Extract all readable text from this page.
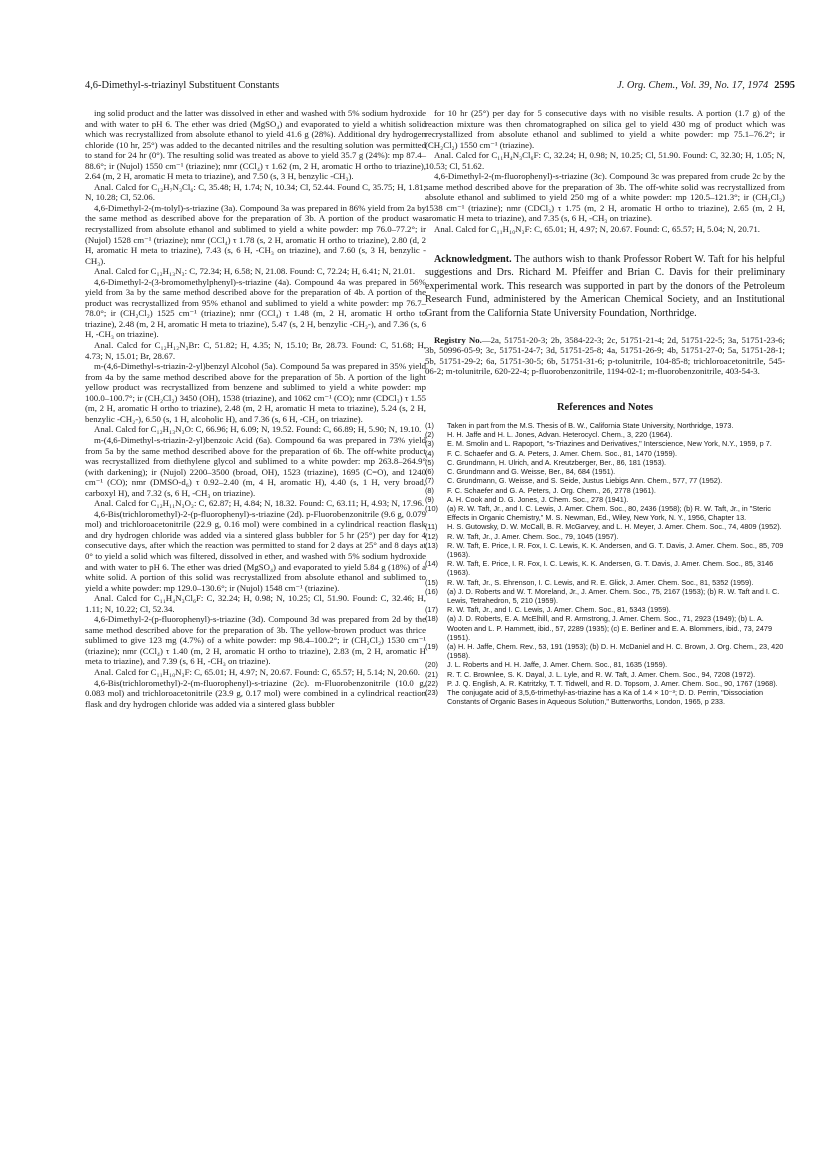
4,6-Dimethyl-s-triazinyl Substituent Constants	J. Org. Chem., Vol. 39, No. 17, 1974 2595

ing solid product and the latter was dissolved in ether and washed with 5% sodium hydroxide and with water to pH 6. The ether was dried (MgSO₄) and evaporated to yield a whitish solid which was recrystallized from absolute ethanol to yield 41.6 g (28%). Additional dry hydrogen chloride (10 hr, 25°) was added to the decanted nitriles and the resulting solution was permitted to stand for 24 hr (0°). The resulting solid was treated as above to yield 35.7 g (24%): mp 87.4–88.6°; ir (Nujol) 1550 cm⁻¹ (triazine); nmr (CCl₄) τ 1.62 (m, 2 H, aromatic H ortho to triazine), 2.64 (m, 2 H, aromatic H meta to triazine), and 7.50 (s, 3 H, benzylic -CH₃).

Anal. Calcd for C₁₂H₇N₃Cl₆: C, 35.48; H, 1.74; N, 10.34; Cl, 52.44. Found C, 35.75; H, 1.81; N, 10.28; Cl, 52.06.

4,6-Dimethyl-2-(m-tolyl)-s-triazine (3a). Compound 3a was prepared in 86% yield from 2a by the same method as described above for the preparation of 3b. A portion of the product was recrystallized from absolute ethanol and sublimed to yield a white powder: mp 76.0–77.2°; ir (Nujol) 1528 cm⁻¹ (triazine); nmr (CCl₄) τ 1.78 (s, 2 H, aromatic H ortho to triazine), 2.80 (d, 2 H, aromatic H meta to triazine), 7.43 (s, 6 H, -CH₃ on triazine), and 7.60 (s, 3 H, benzylic -CH₃).

Anal. Calcd for C₁₂H₁₃N₃: C, 72.34; H, 6.58; N, 21.08. Found: C, 72.24; H, 6.41; N, 21.01.

4,6-Dimethyl-2-(3-bromomethylphenyl)-s-triazine (4a). Compound 4a was prepared in 56% yield from 3a by the same method described above for the preparation of 4b. A portion of the product was recrystallized from 95% ethanol and sublimed to yield a white powder: mp 76.7–78.0°; ir (CH₂Cl₂) 1525 cm⁻¹ (triazine); nmr (CCl₄) τ 1.48 (m, 2 H, aromatic H ortho to triazine), 2.48 (m, 2 H, aromatic H meta to triazine), 5.47 (s, 2 H, benzylic -CH₂-), and 7.36 (s, 6 H, -CH₃ on triazine).

Anal. Calcd for C₁₂H₁₂N₃Br: C, 51.82; H, 4.35; N, 15.10; Br, 28.73. Found: C, 51.68; H, 4.73; N, 15.01; Br, 28.67.

m-(4,6-Dimethyl-s-triazin-2-yl)benzyl Alcohol (5a). Compound 5a was prepared in 35% yield from 4a by the same method described above for the preparation of 5b. A portion of the light yellow product was recrystallized from benzene and sublimed to yield a white powder: mp 100.0–100.7°; ir (CH₂Cl₂) 3450 (OH), 1538 (triazine), and 1062 cm⁻¹ (CO); nmr (CDCl₃) τ 1.55 (m, 2 H, aromatic H ortho to triazine), 2.48 (m, 2 H, aromatic H meta to triazine), 5.24 (s, 2 H, benzylic -CH₂-), 6.50 (s, 1 H, alcoholic H), and 7.36 (s, 6 H, -CH₃ on triazine).

Anal. Calcd for C₁₂H₁₃N₃O: C, 66.96; H, 6.09; N, 19.52. Found: C, 66.89; H, 5.90; N, 19.10.

m-(4,6-Dimethyl-s-triazin-2-yl)benzoic Acid (6a). Compound 6a was prepared in 73% yield from 5a by the same method described above for the preparation of 6b. The off-white product was recrystallized from diethylene glycol and sublimed to a white powder: mp 263.8–264.9° (with darkening); ir (Nujol) 2200–3500 (broad, OH), 1523 (triazine), 1695 (C=O), and 1240 cm⁻¹ (CO); nmr (DMSO-d₆) τ 0.92–2.40 (m, 4 H, aromatic H), 4.40 (s, 1 H, very broad, carboxyl H), and 7.32 (s, 6 H, -CH₃ on triazine).

Anal. Calcd for C₁₂H₁₁N₃O₂: C, 62.87; H, 4.84; N, 18.32. Found: C, 63.11; H, 4.93; N, 17.96.

4,6-Bis(trichloromethyl)-2-(p-fluorophenyl)-s-triazine (2d). p-Fluorobenzonitrile (9.6 g, 0.079 mol) and trichloroacetonitrile (22.9 g, 0.16 mol) were combined in a cylindrical reaction flask and dry hydrogen chloride was added via a sintered glass bubbler for 5 hr (25°) per day for 4 consecutive days, after which the reaction was permitted to stand for 2 days at 25° and 8 days at 0° to yield a solid which was filtered, dissolved in ether, and washed with 5% sodium hydroxide and with water to pH 6. The ether was dried (MgSO₄) and evaporated to yield 5.84 g (18%) of a white solid. A portion of this solid was recrystallized from absolute ethanol and sublimed to yield a white powder: mp 129.0–130.6°; ir (Nujol) 1548 cm⁻¹ (triazine).

Anal. Calcd for C₁₁H₄N₃Cl₆F: C, 32.24; H, 0.98; N, 10.25; Cl, 51.90. Found: C, 32.46; H, 1.11; N, 10.22; Cl, 52.34.

4,6-Dimethyl-2-(p-fluorophenyl)-s-triazine (3d). Compound 3d was prepared from 2d by the same method described above for the preparation of 3b. The yellow-brown product was thrice sublimed to give 123 mg (4.7%) of a white powder: mp 98.4–100.2°; ir (CH₂Cl₂) 1530 cm⁻¹ (triazine); nmr (CCl₄) τ 1.40 (m, 2 H, aromatic H ortho to triazine), 2.83 (m, 2 H, aromatic H meta to triazine), and 7.39 (s, 6 H, -CH₃ on triazine).

Anal. Calcd for C₁₁H₁₀N₃F: C, 65.01; H, 4.97; N, 20.67. Found: C, 65.57; H, 5.14; N, 20.60.

4,6-Bis(trichloromethyl)-2-(m-fluorophenyl)-s-triazine (2c). m-Fluorobenzonitrile (10.0 g, 0.083 mol) and trichloroacetonitrile (23.9 g, 0.17 mol) were combined in a cylindrical reaction flask and dry hydrogen chloride was added via a sintered glass bubbler

for 10 hr (25°) per day for 5 consecutive days with no visible results. A portion (1.7 g) of the reaction mixture was then chromatographed on silica gel to yield 430 mg of product which was recrystallized from absolute ethanol and sublimed to yield a white powder: mp 75.1–76.2°; ir (CH₂Cl₂) 1550 cm⁻¹ (triazine).

Anal. Calcd for C₁₁H₄N₃Cl₆F: C, 32.24; H, 0.98; N, 10.25; Cl, 51.90. Found: C, 32.30; H, 1.05; N, 10.53; Cl, 51.62.

4,6-Dimethyl-2-(m-fluorophenyl)-s-triazine (3c). Compound 3c was prepared from crude 2c by the same method described above for the preparation of 3b. The off-white solid was recrystallized from absolute ethanol and sublimed to yield 250 mg of a white powder: mp 120.5–121.3°; ir (CH₂Cl₂) 1538 cm⁻¹ (triazine); nmr (CDCl₃) τ 1.75 (m, 2 H, aromatic H ortho to triazine), 2.65 (m, 2 H, aromatic H meta to triazine), and 7.35 (s, 6 H, -CH₃ on triazine).

Anal. Calcd for C₁₁H₁₀N₃F: C, 65.01; H, 4.97; N, 20.67. Found: C, 65.57; H, 5.04; N, 20.71.

Acknowledgment. The authors wish to thank Professor Robert W. Taft for his helpful suggestions and Drs. Richard M. Pfeiffer and Brian C. Davis for their preliminary experimental work. This research was supported in part by the donors of the Petroleum Research Fund, administered by the American Chemical Society, and an Institutional Grant from the California State University Foundation, Northridge.

Registry No.—2a, 51751-20-3; 2b, 3584-22-3; 2c, 51751-21-4; 2d, 51751-22-5; 3a, 51751-23-6; 3b, 50996-05-9; 3c, 51751-24-7; 3d, 51751-25-8; 4a, 51751-26-9; 4b, 51751-27-0; 5a, 51751-28-1; 5b, 51751-29-2; 6a, 51751-30-5; 6b, 51751-31-6; p-tolunitrile, 104-85-8; trichloroacetonitrile, 545-06-2; m-tolunitrile, 620-22-4; p-fluorobenzonitrile, 1194-02-1; m-fluorobenzonitrile, 403-54-3.

References and Notes
(1) Taken in part from the M.S. Thesis of B. W., California State University, Northridge, 1973.
(2) H. H. Jaffe and H. L. Jones, Advan. Heterocycl. Chem., 3, 220 (1964).
(3) E. M. Smolin and L. Rapoport, "s-Triazines and Derivatives," Interscience, New York, N.Y., 1959, p 7.
(4) F. C. Schaefer and G. A. Peters, J. Amer. Chem. Soc., 81, 1470 (1959).
(5) C. Grundmann, H. Ulrich, and A. Kreutzberger, Ber., 86, 181 (1953).
(6) C. Grundmann and G. Weisse, Ber., 84, 684 (1951).
(7) C. Grundmann, G. Weisse, and S. Seide, Justus Liebigs Ann. Chem., 577, 77 (1952).
(8) F. C. Schaefer and G. A. Peters, J. Org. Chem., 26, 2778 (1961).
(9) A. H. Cook and D. G. Jones, J. Chem. Soc., 278 (1941).
(10) (a) R. W. Taft, Jr., and I. C. Lewis, J. Amer. Chem. Soc., 80, 2436 (1958); (b) R. W. Taft, Jr., in "Steric Effects in Organic Chemistry," M. S. Newman, Ed., Wiley, New York, N. Y., 1956, Chapter 13.
(11) H. S. Gutowsky, D. W. McCall, B. R. McGarvey, and L. H. Meyer, J. Amer. Chem. Soc., 74, 4809 (1952).
(12) R. W. Taft, Jr., J. Amer. Chem. Soc., 79, 1045 (1957).
(13) R. W. Taft, E. Price, I. R. Fox, I. C. Lewis, K. K. Andersen, and G. T. Davis, J. Amer. Chem. Soc., 85, 709 (1963).
(14) R. W. Taft, E. Price, I. R. Fox, I. C. Lewis, K. K. Andersen, G. T. Davis, J. Amer. Chem. Soc., 85, 3146 (1963).
(15) R. W. Taft, Jr., S. Ehrenson, I. C. Lewis, and R. E. Glick, J. Amer. Chem. Soc., 81, 5352 (1959).
(16) (a) J. D. Roberts and W. T. Moreland, Jr., J. Amer. Chem. Soc., 75, 2167 (1953); (b) R. W. Taft and I. C. Lewis, Tetrahedron, 5, 210 (1959).
(17) R. W. Taft, Jr., and I. C. Lewis, J. Amer. Chem. Soc., 81, 5343 (1959).
(18) (a) J. D. Roberts, E. A. McElhill, and R. Armstrong, J. Amer. Chem. Soc., 71, 2923 (1949); (b) L. A. Wooten and L. P. Hammett, ibid., 57, 2289 (1935); (c) E. Berliner and E. A. Blommers, ibid., 73, 2479 (1951).
(19) (a) H. H. Jaffe, Chem. Rev., 53, 191 (1953); (b) D. H. McDaniel and H. C. Brown, J. Org. Chem., 23, 420 (1958).
(20) J. L. Roberts and H. H. Jaffe, J. Amer. Chem. Soc., 81, 1635 (1959).
(21) R. T. C. Brownlee, S. K. Dayal, J. L. Lyle, and R. W. Taft, J. Amer. Chem. Soc., 94, 7208 (1972).
(22) P. J. Q. English, A. R. Katritzky, T. T. Tidwell, and R. D. Topsom, J. Amer. Chem. Soc., 90, 1767 (1968).
(23) The conjugate acid of 3,5,6-trimethyl-as-triazine has a Ka of 1.4 × 10⁻³; D. D. Perrin, "Dissociation Constants of Organic Bases in Aqueous Solution," Butterworths, London, 1965, p 233.
